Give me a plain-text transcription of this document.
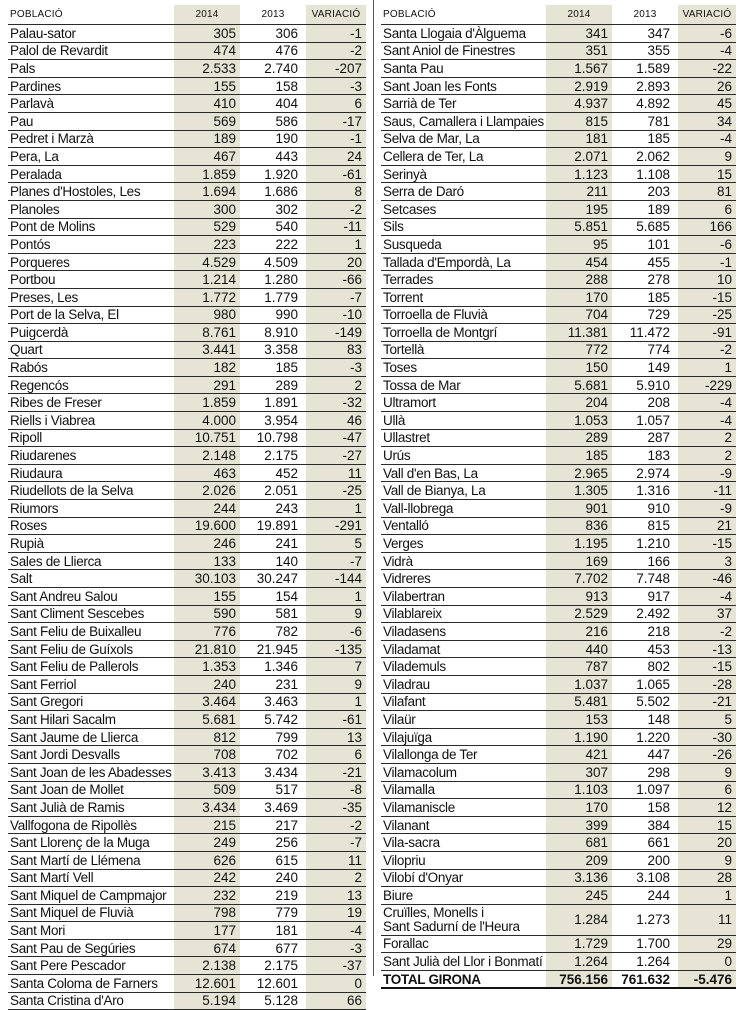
POBLACIÓ	2014	2013	VARIACIÓ
Palau-sator	305	306	-1
Palol de Revardit	474	476	-2
Pals	2.533	2.740	-207
Pardines	155	158	-3
Parlavà	410	404	6
Pau	569	586	-17
Pedret i Marzà	189	190	-1
Pera, La	467	443	24
Peralada	1.859	1.920	-61
Planes d'Hostoles, Les	1.694	1.686	8
Planoles	300	302	-2
Pont de Molins	529	540	-11
Pontós	223	222	1
Porqueres	4.529	4.509	20
Portbou	1.214	1.280	-66
Preses, Les	1.772	1.779	-7
Port de la Selva, El	980	990	-10
Puigcerdà	8.761	8.910	-149
Quart	3.441	3.358	83
Rabós	182	185	-3
Regencós	291	289	2
Ribes de Freser	1.859	1.891	-32
Riells i Viabrea	4.000	3.954	46
Ripoll	10.751	10.798	-47
Riudarenes	2.148	2.175	-27
Riudaura	463	452	11
Riudellots de la Selva	2.026	2.051	-25
Riumors	244	243	1
Roses	19.600	19.891	-291
Rupià	246	241	5
Sales de Llierca	133	140	-7
Salt	30.103	30.247	-144
Sant Andreu Salou	155	154	1
Sant Climent Sescebes	590	581	9
Sant Feliu de Buixalleu	776	782	-6
Sant Feliu de Guíxols	21.810	21.945	-135
Sant Feliu de Pallerols	1.353	1.346	7
Sant Ferriol	240	231	9
Sant Gregori	3.464	3.463	1
Sant Hilari Sacalm	5.681	5.742	-61
Sant Jaume de Llierca	812	799	13
Sant Jordi Desvalls	708	702	6
Sant Joan de les Abadesses	3.413	3.434	-21
Sant Joan de Mollet	509	517	-8
Sant Julià de Ramis	3.434	3.469	-35
Vallfogona de Ripollès	215	217	-2
Sant Llorenç de la Muga	249	256	-7
Sant Martí de Llémena	626	615	11
Sant Martí Vell	242	240	2
Sant Miquel de Campmajor	232	219	13
Sant Miquel de Fluvià	798	779	19
Sant Mori	177	181	-4
Sant Pau de Segúries	674	677	-3
Sant Pere Pescador	2.138	2.175	-37
Santa Coloma de Farners	12.601	12.601	0
Santa Cristina d'Aro	5.194	5.128	66
POBLACIÓ	2014	2013	VARIACIÓ
Santa Llogaia d'Àlguema	341	347	-6
Sant Aniol de Finestres	351	355	-4
Santa Pau	1.567	1.589	-22
Sant Joan les Fonts	2.919	2.893	26
Sarrià de Ter	4.937	4.892	45
Saus, Camallera i Llampaies	815	781	34
Selva de Mar, La	181	185	-4
Cellera de Ter, La	2.071	2.062	9
Serinyà	1.123	1.108	15
Serra de Daró	211	203	81
Setcases	195	189	6
Sils	5.851	5.685	166
Susqueda	95	101	-6
Tallada d'Empordà, La	454	455	-1
Terrades	288	278	10
Torrent	170	185	-15
Torroella de Fluvià	704	729	-25
Torroella de Montgrí	11.381	11.472	-91
Tortellà	772	774	-2
Toses	150	149	1
Tossa de Mar	5.681	5.910	-229
Ultramort	204	208	-4
Ullà	1.053	1.057	-4
Ullastret	289	287	2
Urús	185	183	2
Vall d'en Bas, La	2.965	2.974	-9
Vall de Bianya, La	1.305	1.316	-11
Vall-llobrega	901	910	-9
Ventalló	836	815	21
Verges	1.195	1.210	-15
Vidrà	169	166	3
Vidreres	7.702	7.748	-46
Vilabertran	913	917	-4
Vilablareix	2.529	2.492	37
Viladasens	216	218	-2
Viladamat	440	453	-13
Vilademuls	787	802	-15
Viladrau	1.037	1.065	-28
Vilafant	5.481	5.502	-21
Vilaür	153	148	5
Vilajuïga	1.190	1.220	-30
Vilallonga de Ter	421	447	-26
Vilamacolum	307	298	9
Vilamalla	1.103	1.097	6
Vilamaniscle	170	158	12
Vilanant	399	384	15
Vila-sacra	681	661	20
Vilopriu	209	200	9
Vilobí d'Onyar	3.136	3.108	28
Biure	245	244	1

Cruïlles, Monells i
Sant Sadurní de l'Heura	1.284	1.273	11
Forallac	1.729	1.700	29
Sant Julià del Llor i Bonmatí	1.264	1.264	0
TOTAL GIRONA	756.156	761.632	-5.476
